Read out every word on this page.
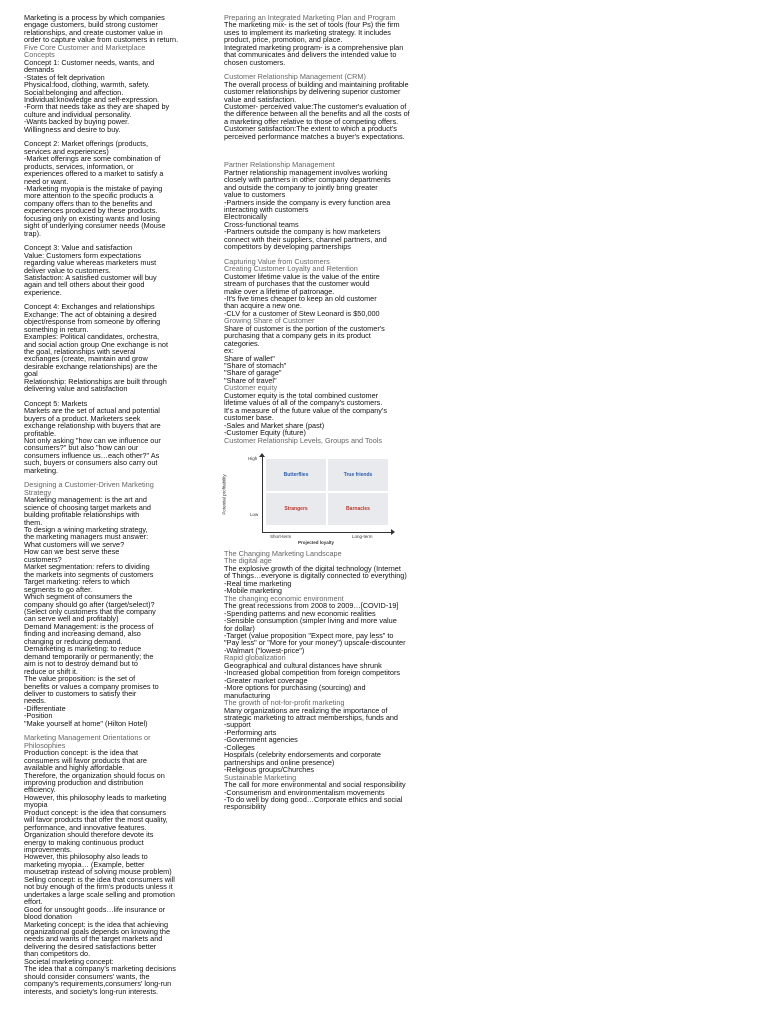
Marketing is a process by which companies
engage customers, build strong customer
relationships, and create customer value in
order to capture value from customers in return.
Five Core Customer and Marketplace
Concepts
Concept 1: Customer needs, wants, and
demands
-States of felt deprivation
Physical:food, clothing, warmth, safety.
Social:belonging and affection.
Individual:knowledge and self-expression.
-Form that needs take as they are shaped by
culture and individual personality.
-Wants backed by buying power.
Willingness and desire to buy.
Concept 2: Market offerings (products,
services and experiences)
-Market offerings are some combination of
products, services, information, or
experiences offered to a market to satisfy a
need or want.
-Marketing myopia is the mistake of paying
more attention to the specific products a
company offers than to the benefits and
experiences produced by these products.
focusing only on existing wants and losing
sight of underlying consumer needs (Mouse
trap).
Concept 3: Value and satisfaction
Value: Customers form expectations
regarding value whereas marketers must
deliver value to customers.
Satisfaction: A satisfied customer will buy
again and tell others about their good
experience.
Concept 4: Exchanges and relationships
Exchange: The act of obtaining a desired
object/response from someone by offering
something in return.
Examples: Political candidates, orchestra,
and social action group One exchange is not
the goal, relationships with several
exchanges (create, maintain and grow
desirable exchange relationships) are the
goal
Relationship: Relationships are built through
delivering value and satisfaction
Concept 5: Markets
Markets are the set of actual and potential
buyers of a product. Marketers seek
exchange relationship with buyers that are
profitable.
Not only asking "how can we influence our
consumers?" but also "how can our
consumers influence us…each other?" As
such, buyers or consumers also carry out
marketing.
Designing a Customer-Driven Marketing
Strategy
Marketing management: is the art and
science of choosing target markets and
building profitable relationships with
them.
To design a wining marketing strategy,
the marketing managers must answer:
What customers will we serve?
How can we best serve these
customers?
Market segmentation: refers to dividing
the markets into segments of customers
Target marketing: refers to which
segments to go after.
Which segment of consumers the
company should go after (target/select)?
(Select only customers that the company
can serve well and profitably)
Demand Management: is the process of
finding and increasing demand, also
changing or reducing demand.
Demarketing is marketing: to reduce
demand temporarily or permanently; the
aim is not to destroy demand but to
reduce or shift it.
The value proposition: is the set of
benefits or values a company promises to
deliver to customers to satisfy their
needs.
-Differentiate
-Position
"Make yourself at home" (Hilton Hotel)
Marketing Management Orientations or
Philosophies
Production concept: is the idea that
consumers will favor products that are
available and highly affordable.
Therefore, the organization should focus on
improving production and distribution
efficiency.
However, this philosophy leads to marketing
myopia
Product concept: is the idea that consumers
will favor products that offer the most quality,
performance, and innovative features.
Organization should therefore devote its
energy to making continuous product
improvements.
However, this philosophy also leads to
marketing myopia… (Example, better
mousetrap instead of solving mouse problem)
Selling concept: is the idea that consumers will
not buy enough of the firm's products unless it
undertakes a large scale selling and promotion
effort.
Good for unsought goods…life insurance or
blood donation
Marketing concept: is the idea that achieving
organizational goals depends on knowing the
needs and wants of the target markets and
delivering the desired satisfactions better
than competitors do.
Societal marketing concept:
The idea that a company's marketing decisions
should consider consumers' wants, the
company's requirements,consumers' long-run
interests, and society's long-run interests.
Preparing an Integrated Marketing Plan and Program
The marketing mix- is the set of tools (four Ps) the firm
uses to implement its marketing strategy. It includes
product, price, promotion, and place.
Integrated marketing program- is a comprehensive plan
that communicates and delivers the intended value to
chosen customers.
Customer Relationship Management (CRM)
The overall process of building and maintaining profitable
customer relationships by delivering superior customer
value and satisfaction.
Customer- perceived value:The customer's evaluation of
the difference between all the benefits and all the costs of
a marketing offer relative to those of competing offers.
Customer satisfaction:The extent to which a product's
perceived performance matches a buyer's expectations.
Partner Relationship Management
Partner relationship management involves working
closely with partners in other company departments
and outside the company to jointly bring greater
value to customers
-Partners inside the company is every function area
interacting with customers
Electronically
Cross-functional teams
-Partners outside the company is how marketers
connect with their suppliers, channel partners, and
competitors by developing partnerships
Capturing Value from Customers
Creating Customer Loyalty and Retention
Customer lifetime value is the value of the entire
stream of purchases that the customer would
make over a lifetime of patronage.
-It's five times cheaper to keep an old customer
than acquire a new one.
-CLV for a customer of Stew Leonard is $50,000
Growing Share of Customer
Share of customer is the portion of the customer's
purchasing that a company gets in its product
categories.
ex:
Share of wallet"
"Share of stomach"
"Share of garage"
"Share of travel"
Customer equity
Customer equity is the total combined customer
lifetime values of all of the company's customers.
It's a measure of the future value of the company's
customer base.
-Sales and Market share (past)
-Customer Equity (future)
Customer Relationship Levels, Groups and Tools
Potential profitability
High
Low
Butterflies	True friends
Strangers	Barnacles
Short-term	Long-term
Projected loyalty
The Changing Marketing Landscape
The digital age
The explosive growth of the digital technology (Internet
of Things…everyone is digitally connected to everything)
-Real time marketing
-Mobile marketing
The changing economic environment
The great recessions from 2008 to 2009…[COVID-19]
-Spending patterns and new economic realities
-Sensible consumption (simpler living and more value
for dollar)
-Target (value proposition "Expect more, pay less" to
"Pay less" or "More for your money") upscale-discounter
-Walmart ("lowest-price")
Rapid globalization
Geographical and cultural distances have shrunk
-Increased global competition from foreign competitors
-Greater market coverage
-More options for purchasing (sourcing) and
manufacturing
The growth of not-for-profit marketing
Many organizations are realizing the importance of
strategic marketing to attract memberships, funds and
-support
-Performing arts
-Government agencies
-Colleges
Hospitals (celebrity endorsements and corporate
partnerships and online presence)
-Religious groups/Churches
Sustainable Marketing
The call for more environmental and social responsibility
-Consumerism and environmentalism movements
-To do well by doing good…Corporate ethics and social
responsibility
